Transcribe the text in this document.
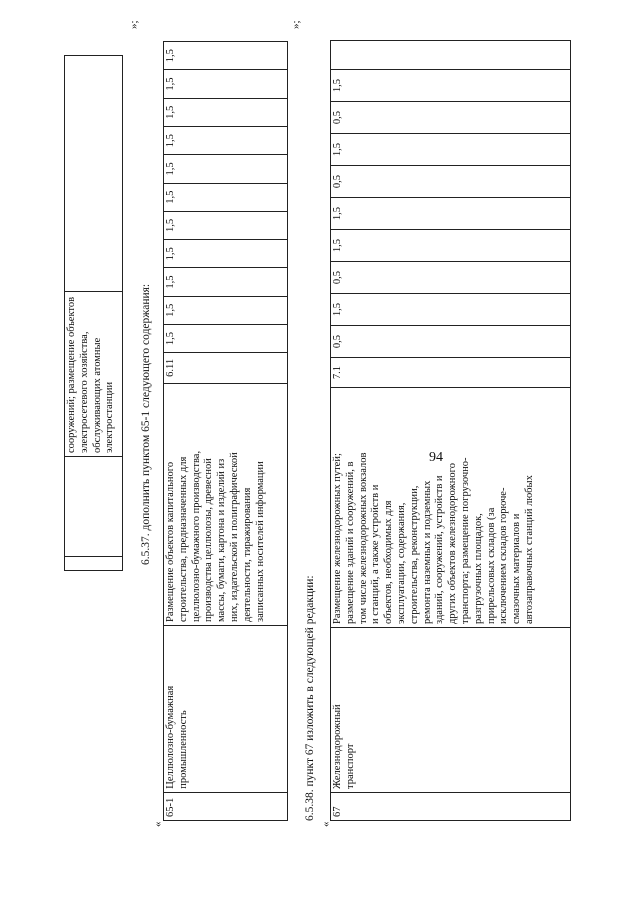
94
		сооружений; размещение объектов
электросетевого хозяйства,
обслуживающих атомные
электростанции	
»;
6.5.37. дополнить пунктом 65-1 следующего содержания:
«
65-1	Целлюлозно-бумажная
промышленность	Размещение объектов капитального
строительства, предназначенных для
целлюлозно-бумажного производства,
производства целлюлозы, древесной
массы, бумаги, картона и изделий из
них, издательской и полиграфической
деятельности, тиражирования
записанных носителей информации	6.11	1,5	1,5	1,5	1,5	1,5	1,5	1,5	1,5	1,5	1,5	1,5
»;
6.5.38. пункт 67 изложить в следующей редакции:
«
67	Железнодорожный
транспорт	Размещение железнодорожных путей;
размещение зданий и сооружений, в
том числе железнодорожных вокзалов
и станций, а также устройств и
объектов, необходимых для
эксплуатации, содержания,
строительства, реконструкции,
ремонта наземных и подземных
зданий, сооружений, устройств и
других объектов железнодорожного
транспорта; размещение погрузочно-
разгрузочных площадок,
прирельсовых складов (за
исключением складов горюче-
смазочных материалов и
автозаправочных станций любых	7.1	0,5	1,5	0,5	1,5	1,5	0,5	1,5	0,5	1,5	
